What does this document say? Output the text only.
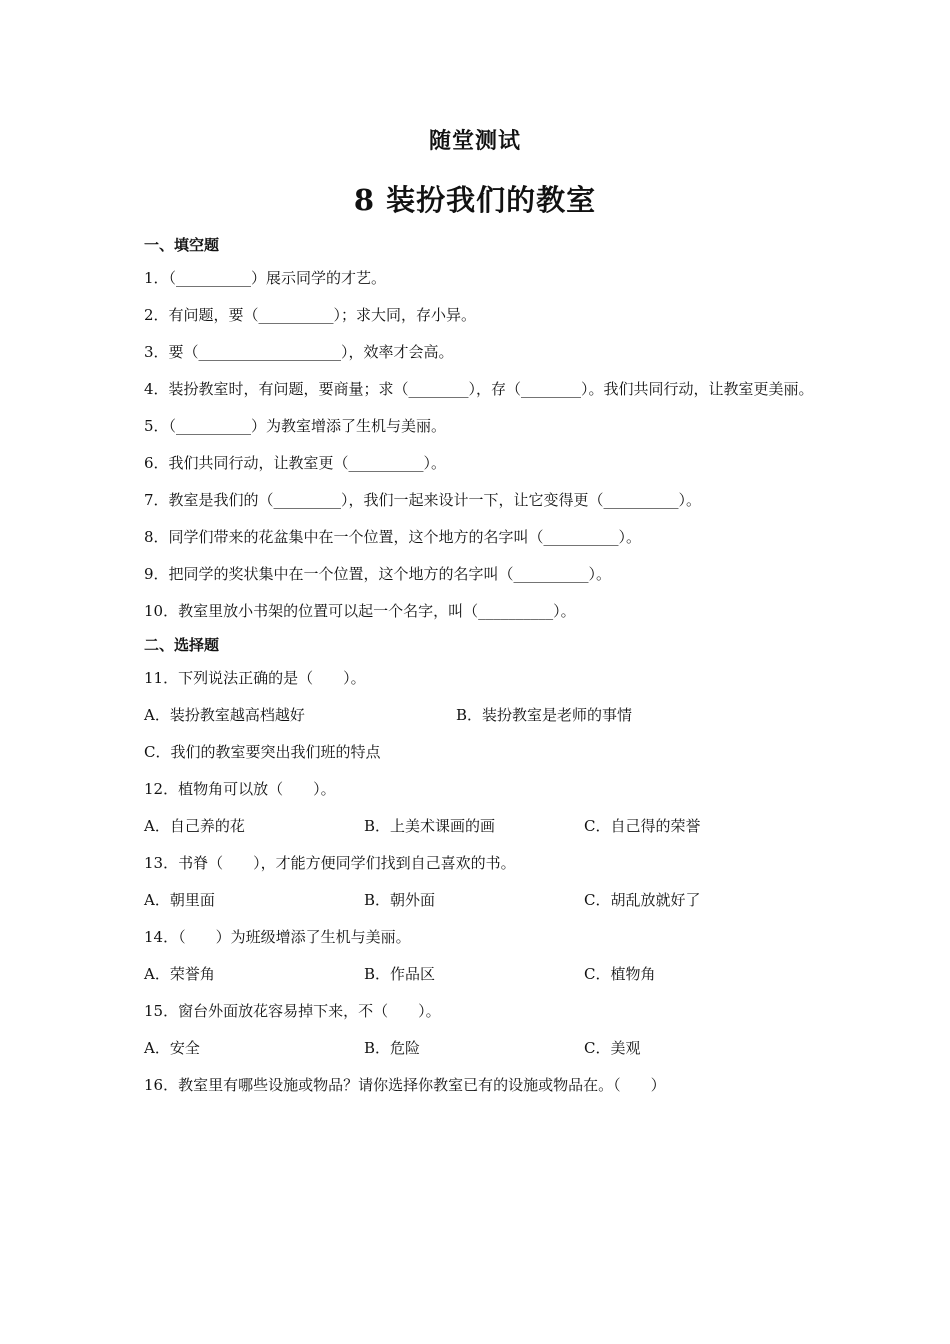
随堂测试
8 装扮我们的教室
一、填空题
1．（__________）展示同学的才艺。
2．有问题，要（__________）；求大同，存小异。
3．要（___________________），效率才会高。
4．装扮教室时，有问题，要商量；求（________），存（________）。我们共同行动，让教室更美丽。
5．（__________）为教室增添了生机与美丽。
6．我们共同行动，让教室更（__________）。
7．教室是我们的（_________），我们一起来设计一下，让它变得更（__________）。
8．同学们带来的花盆集中在一个位置，这个地方的名字叫（__________）。
9．把同学的奖状集中在一个位置，这个地方的名字叫（__________）。
10．教室里放小书架的位置可以起一个名字，叫（__________）。
二、选择题
11．下列说法正确的是（　　）。
A．装扮教室越高档越好	B．装扮教室是老师的事情
C．我们的教室要突出我们班的特点
12．植物角可以放（　　）。
A．自己养的花	B．上美术课画的画	C．自己得的荣誉
13．书脊（　　），才能方便同学们找到自己喜欢的书。
A．朝里面	B．朝外面	C．胡乱放就好了
14．（　　）为班级增添了生机与美丽。
A．荣誉角	B．作品区	C．植物角
15．窗台外面放花容易掉下来，不（　　）。
A．安全	B．危险	C．美观
16．教室里有哪些设施或物品？请你选择你教室已有的设施或物品在。（　　）
